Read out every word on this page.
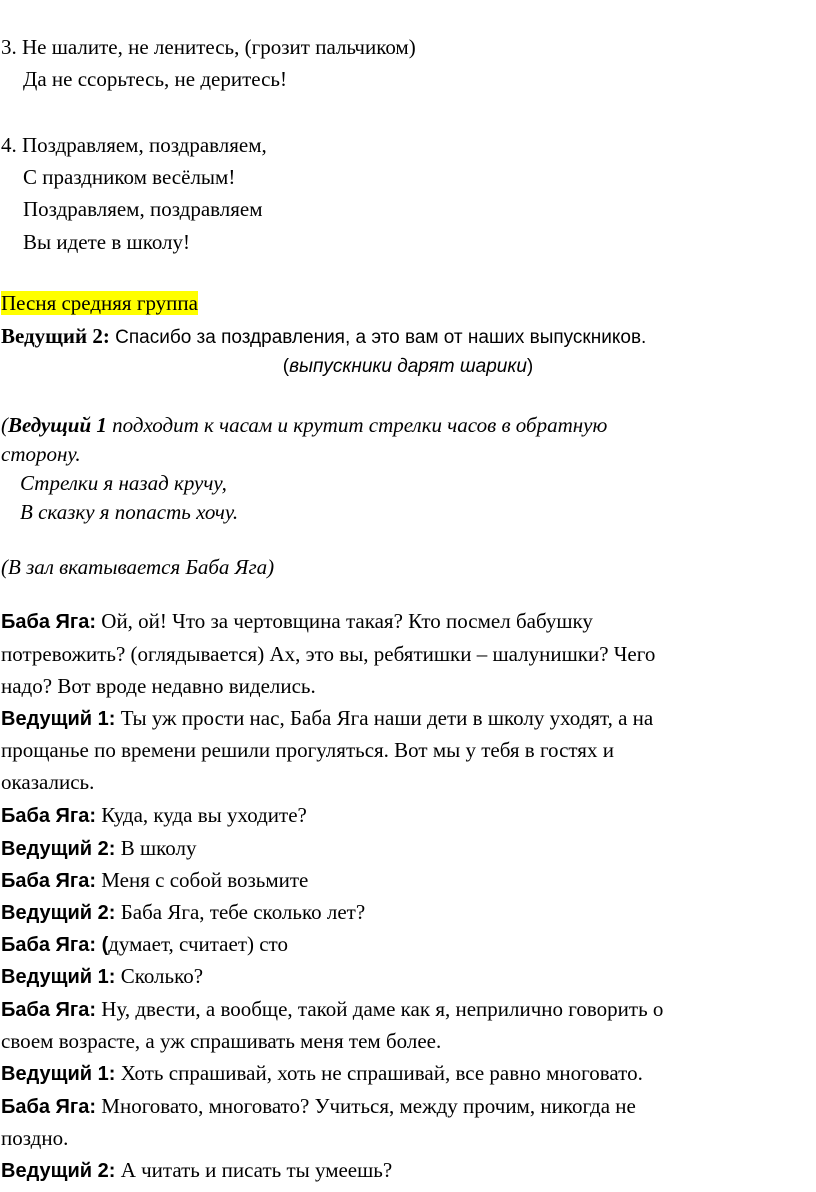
3. Не шалите, не ленитесь, (грозит пальчиком)
Да не ссорьтесь, не деритесь!
4. Поздравляем, поздравляем,
С праздником весёлым!
Поздравляем, поздравляем
Вы идете в школу!
Песня средняя группа
Ведущий 2: Спасибо за поздравления, а это вам от наших выпускников.
(выпускники дарят шарики)
(Ведущий 1 подходит к часам и крутит стрелки часов в обратную
сторону.
Стрелки я назад кручу,
В сказку я попасть хочу.
(В зал вкатывается Баба Яга)
Баба Яга: Ой, ой! Что за чертовщина такая? Кто посмел бабушку
потревожить? (оглядывается) Ах, это вы, ребятишки – шалунишки? Чего
надо? Вот вроде недавно виделись.
Ведущий 1: Ты уж прости нас, Баба Яга наши дети в школу уходят, а на
прощанье по времени решили прогуляться. Вот мы у тебя в гостях и
оказались.
Баба Яга: Куда, куда вы уходите?
Ведущий 2: В школу
Баба Яга: Меня с собой возьмите
Ведущий 2: Баба Яга, тебе сколько лет?
Баба Яга: (думает, считает) сто
Ведущий 1: Сколько?
Баба Яга: Ну, двести, а вообще, такой даме как я, неприлично говорить о
своем возрасте, а уж спрашивать меня тем более.
Ведущий 1: Хоть спрашивай, хоть не спрашивай, все равно многовато.
Баба Яга: Многовато, многовато? Учиться, между прочим, никогда не
поздно.
Ведущий 2: А читать и писать ты умеешь?
